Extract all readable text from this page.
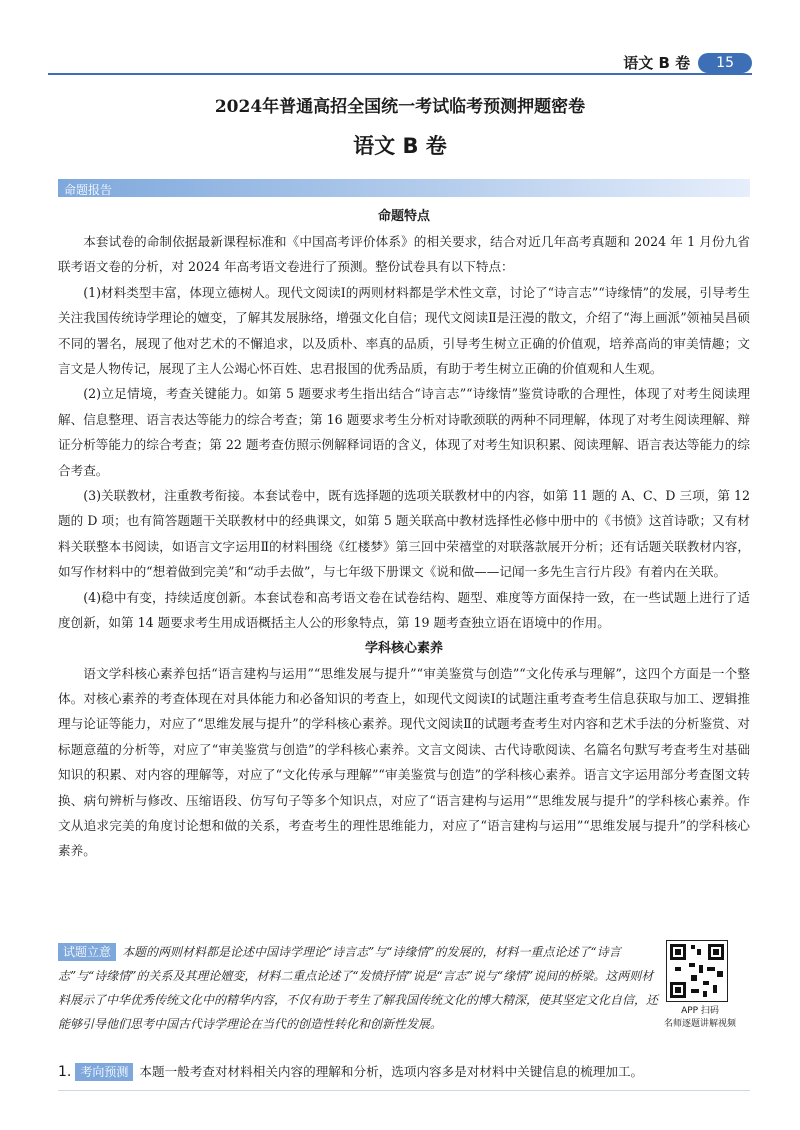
语文 B 卷	15
2024年普通高招全国统一考试临考预测押题密卷
语文 B 卷
命题报告
命题特点

本套试卷的命制依据最新课程标准和《中国高考评价体系》的相关要求，结合对近几年高考真题和 2024 年 1 月份九省联考语文卷的分析，对 2024 年高考语文卷进行了预测。整份试卷具有以下特点：

(1)材料类型丰富，体现立德树人。现代文阅读Ⅰ的两则材料都是学术性文章，讨论了“诗言志”“诗缘情”的发展，引导考生关注我国传统诗学理论的嬗变，了解其发展脉络，增强文化自信；现代文阅读Ⅱ是汪漫的散文，介绍了“海上画派”领袖吴昌硕不同的署名，展现了他对艺术的不懈追求，以及质朴、率真的品质，引导考生树立正确的价值观，培养高尚的审美情趣；文言文是人物传记，展现了主人公竭心怀百姓、忠君报国的优秀品质，有助于考生树立正确的价值观和人生观。

(2)立足情境，考查关键能力。如第 5 题要求考生指出结合“诗言志”“诗缘情”鉴赏诗歌的合理性，体现了对考生阅读理解、信息整理、语言表达等能力的综合考查；第 16 题要求考生分析对诗歌颈联的两种不同理解，体现了对考生阅读理解、辩证分析等能力的综合考查；第 22 题考查仿照示例解释词语的含义，体现了对考生知识积累、阅读理解、语言表达等能力的综合考查。

(3)关联教材，注重教考衔接。本套试卷中，既有选择题的选项关联教材中的内容，如第 11 题的 A、C、D 三项，第 12 题的 D 项；也有简答题题干关联教材中的经典课文，如第 5 题关联高中教材选择性必修中册中的《书愤》这首诗歌；又有材料关联整本书阅读，如语言文字运用Ⅱ的材料围绕《红楼梦》第三回中荣禧堂的对联落款展开分析；还有话题关联教材内容，如写作材料中的“想着做到完美”和“动手去做”，与七年级下册课文《说和做——记闻一多先生言行片段》有着内在关联。

(4)稳中有变，持续适度创新。本套试卷和高考语文卷在试卷结构、题型、难度等方面保持一致，在一些试题上进行了适度创新，如第 14 题要求考生用成语概括主人公的形象特点，第 19 题考查独立语在语境中的作用。

学科核心素养

语文学科核心素养包括“语言建构与运用”“思维发展与提升”“审美鉴赏与创造”“文化传承与理解”，这四个方面是一个整体。对核心素养的考查体现在对具体能力和必备知识的考查上，如现代文阅读Ⅰ的试题注重考查考生信息获取与加工、逻辑推理与论证等能力，对应了“思维发展与提升”的学科核心素养。现代文阅读Ⅱ的试题考查考生对内容和艺术手法的分析鉴赏、对标题意蕴的分析等，对应了“审美鉴赏与创造”的学科核心素养。文言文阅读、古代诗歌阅读、名篇名句默写考查考生对基础知识的积累、对内容的理解等，对应了“文化传承与理解”“审美鉴赏与创造”的学科核心素养。语言文字运用部分考查图文转换、病句辨析与修改、压缩语段、仿写句子等多个知识点，对应了“语言建构与运用”“思维发展与提升”的学科核心素养。作文从追求完美的角度讨论想和做的关系，考查考生的理性思维能力，对应了“语言建构与运用”“思维发展与提升”的学科核心素养。

试题立意 本题的两则材料都是论述中国诗学理论“诗言志”与“诗缘情”的发展的，材料一重点论述了“诗言志”与“诗缘情”的关系及其理论嬗变，材料二重点论述了“发愤抒情”说是“言志”说与“缘情”说间的桥梁。这两则材料展示了中华优秀传统文化中的精华内容，不仅有助于考生了解我国传统文化的博大精深，使其坚定文化自信，还能够引导他们思考中国古代诗学理论在当代的创造性转化和创新性发展。
APP 扫码
名师逐题讲解视频
1. 考向预测 本题一般考查对材料相关内容的理解和分析，选项内容多是对材料中关键信息的梳理加工。
